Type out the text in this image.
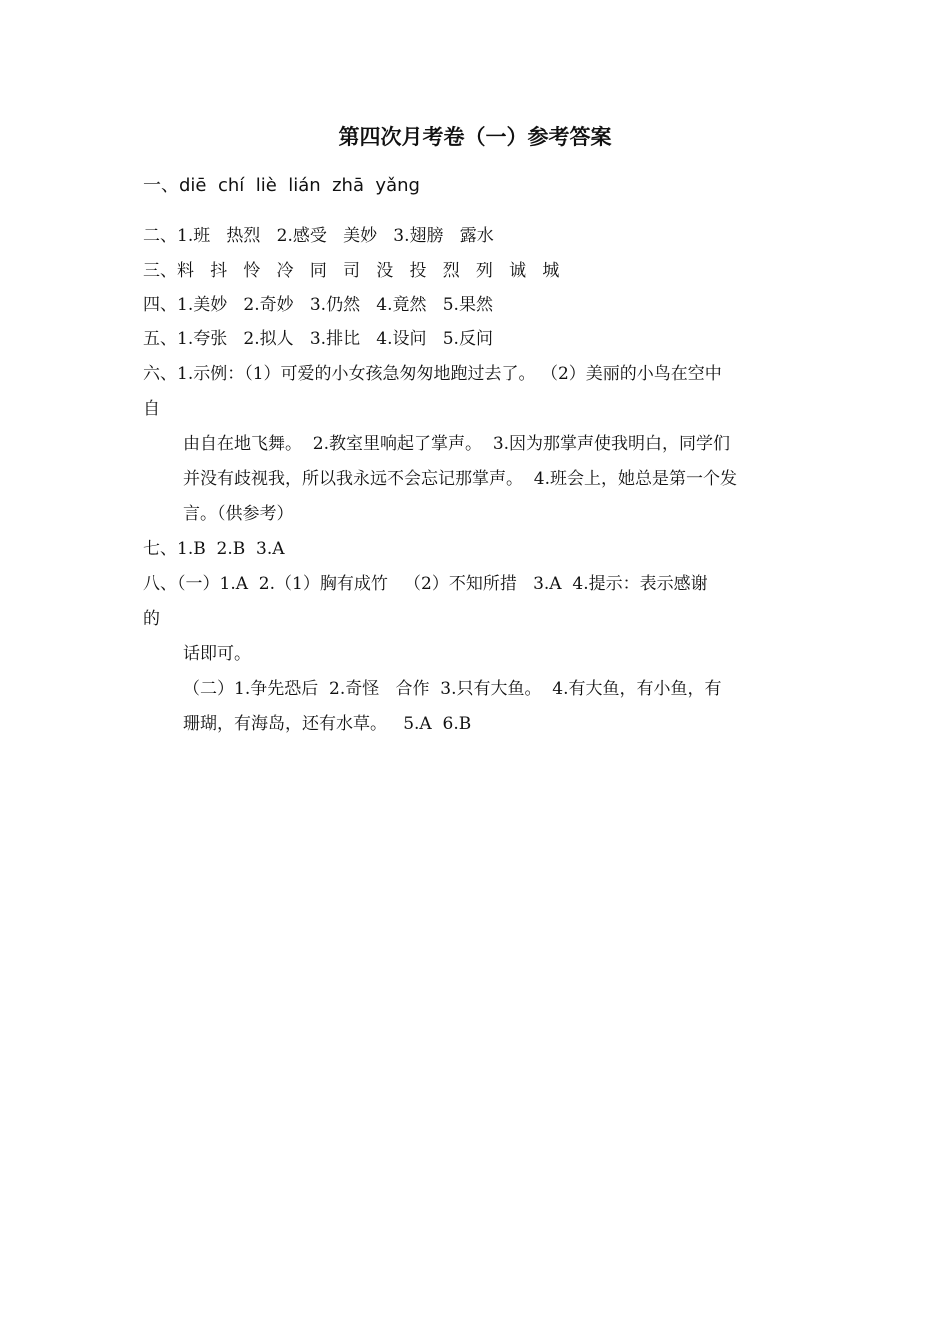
第四次月考卷（一）参考答案
一、diē  chí  liè  lián  zhā  yǎng
二、1.班   热烈   2.感受   美妙   3.翅膀   露水
三、料   抖   怜   冷   同   司   没   投   烈   列   诚   城
四、1.美妙   2.奇妙   3.仍然   4.竟然   5.果然
五、1.夸张   2.拟人   3.排比   4.设问   5.反问
六、1.示例：（1）可爱的小女孩急匆匆地跑过去了。 （2）美丽的小鸟在空中
自
由自在地飞舞。  2.教室里响起了掌声。  3.因为那掌声使我明白，同学们
并没有歧视我，所以我永远不会忘记那掌声。  4.班会上，她总是第一个发
言。（供参考）
七、1.B  2.B  3.A
八、（一）1.A  2.（1）胸有成竹   （2）不知所措   3.A  4.提示：表示感谢
的
话即可。
（二）1.争先恐后  2.奇怪   合作  3.只有大鱼。  4.有大鱼，有小鱼，有
珊瑚，有海岛，还有水草。   5.A  6.B
